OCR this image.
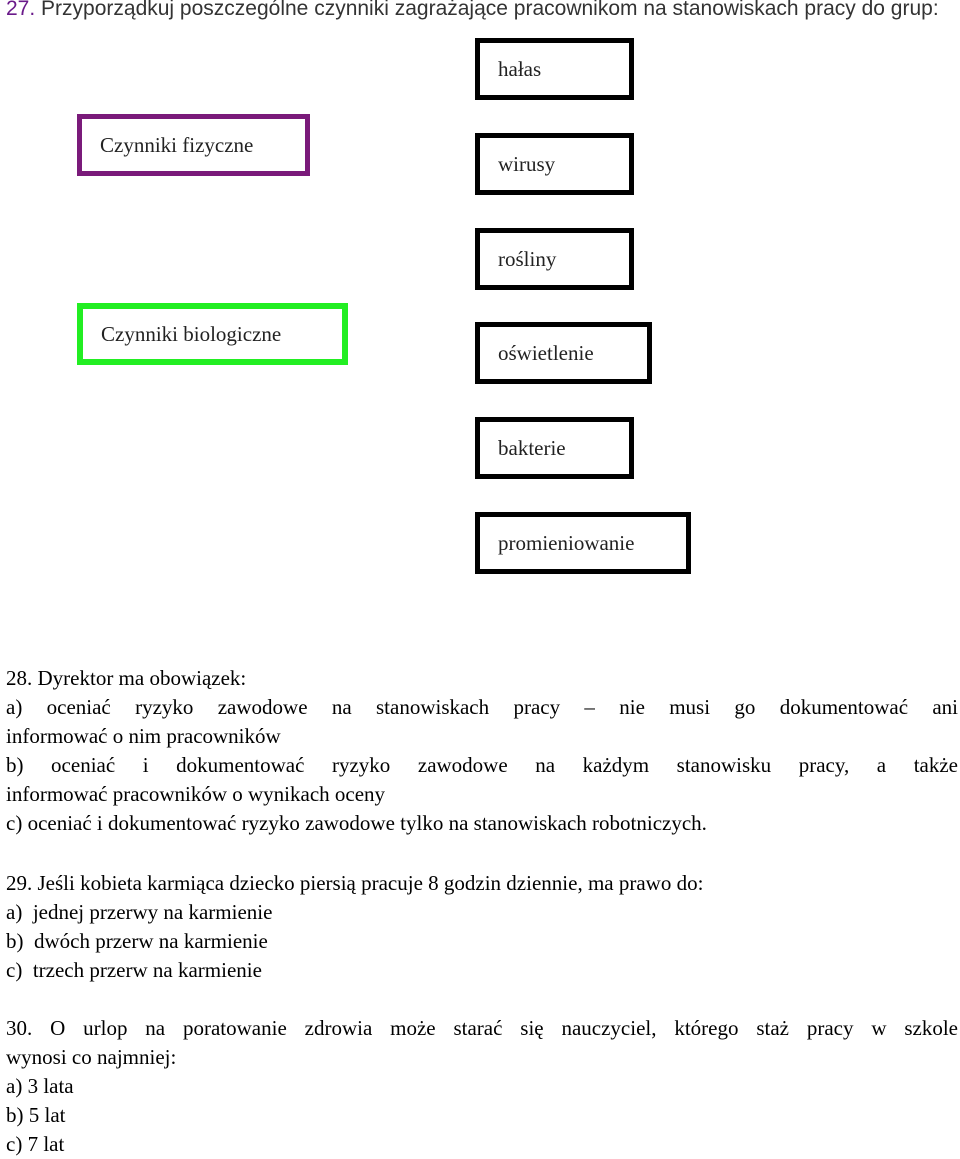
27. Przyporządkuj poszczególne czynniki zagrażające pracownikom na stanowiskach pracy do grup:
Czynniki fizyczne
Czynniki biologiczne
hałas
wirusy
rośliny
oświetlenie
bakterie
promieniowanie
28. Dyrektor ma obowiązek:
a) oceniać ryzyko zawodowe na stanowiskach pracy – nie musi go dokumentować ani
informować o nim pracowników
b) oceniać i dokumentować ryzyko zawodowe na każdym stanowisku pracy, a także
informować pracowników o wynikach oceny
c) oceniać i dokumentować ryzyko zawodowe tylko na stanowiskach robotniczych.
29. Jeśli kobieta karmiąca dziecko piersią pracuje 8 godzin dziennie, ma prawo do:
a)  jednej przerwy na karmienie
b)  dwóch przerw na karmienie
c)  trzech przerw na karmienie
30. O urlop na poratowanie zdrowia może starać się nauczyciel, którego staż pracy w szkole
wynosi co najmniej:
a) 3 lata
b) 5 lat
c) 7 lat
